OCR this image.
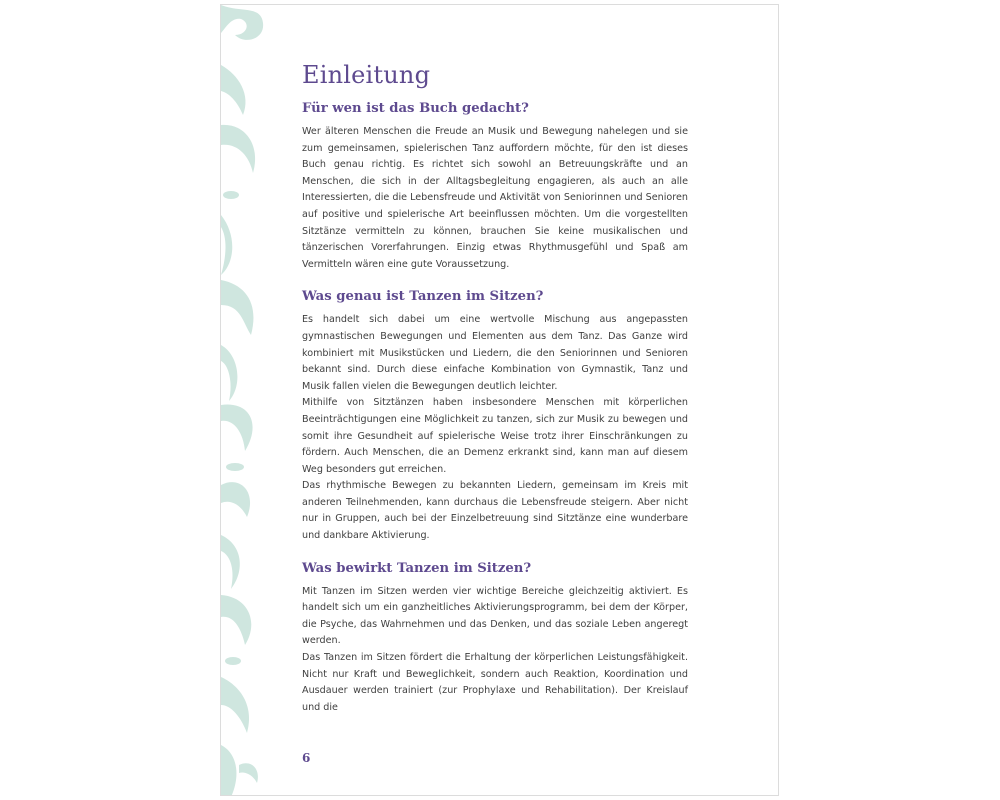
Einleitung
Für wen ist das Buch gedacht?

Wer älteren Menschen die Freude an Musik und Bewegung nahelegen und sie zum gemeinsamen, spielerischen Tanz auffordern möchte, für den ist dieses Buch genau richtig. Es richtet sich sowohl an Betreuungskräfte und an Menschen, die sich in der Alltagsbegleitung engagieren, als auch an alle Interessierten, die die Lebensfreude und Aktivität von Seniorinnen und Senioren auf positive und spielerische Art beeinflussen möchten. Um die vorgestellten Sitztänze vermitteln zu können, brauchen Sie keine musikalischen und tänzerischen Vorerfahrungen. Einzig etwas Rhythmusgefühl und Spaß am Vermitteln wären eine gute Voraussetzung.

Was genau ist Tanzen im Sitzen?

Es handelt sich dabei um eine wertvolle Mischung aus angepassten gymnastischen Bewegungen und Elementen aus dem Tanz. Das Ganze wird kombiniert mit Musikstücken und Liedern, die den Seniorinnen und Senioren bekannt sind. Durch diese einfache Kombination von Gymnastik, Tanz und Musik fallen vielen die Bewegungen deutlich leichter.

Mithilfe von Sitztänzen haben insbesondere Menschen mit körperlichen Beeinträchtigungen eine Möglichkeit zu tanzen, sich zur Musik zu bewegen und somit ihre Gesundheit auf spielerische Weise trotz ihrer Einschränkungen zu fördern. Auch Menschen, die an Demenz erkrankt sind, kann man auf diesem Weg besonders gut erreichen.

Das rhythmische Bewegen zu bekannten Liedern, gemeinsam im Kreis mit anderen Teilnehmenden, kann durchaus die Lebensfreude steigern. Aber nicht nur in Gruppen, auch bei der Einzelbetreuung sind Sitztänze eine wunderbare und dankbare Aktivierung.

Was bewirkt Tanzen im Sitzen?

Mit Tanzen im Sitzen werden vier wichtige Bereiche gleichzeitig aktiviert. Es handelt sich um ein ganzheitliches Aktivierungsprogramm, bei dem der Körper, die Psyche, das Wahrnehmen und das Denken, und das soziale Leben angeregt werden.

Das Tanzen im Sitzen fördert die Erhaltung der körperlichen Leistungsfähigkeit. Nicht nur Kraft und Beweglichkeit, sondern auch Reaktion, Koordination und Ausdauer werden trainiert (zur Prophylaxe und Rehabilitation). Der Kreislauf und die

6
